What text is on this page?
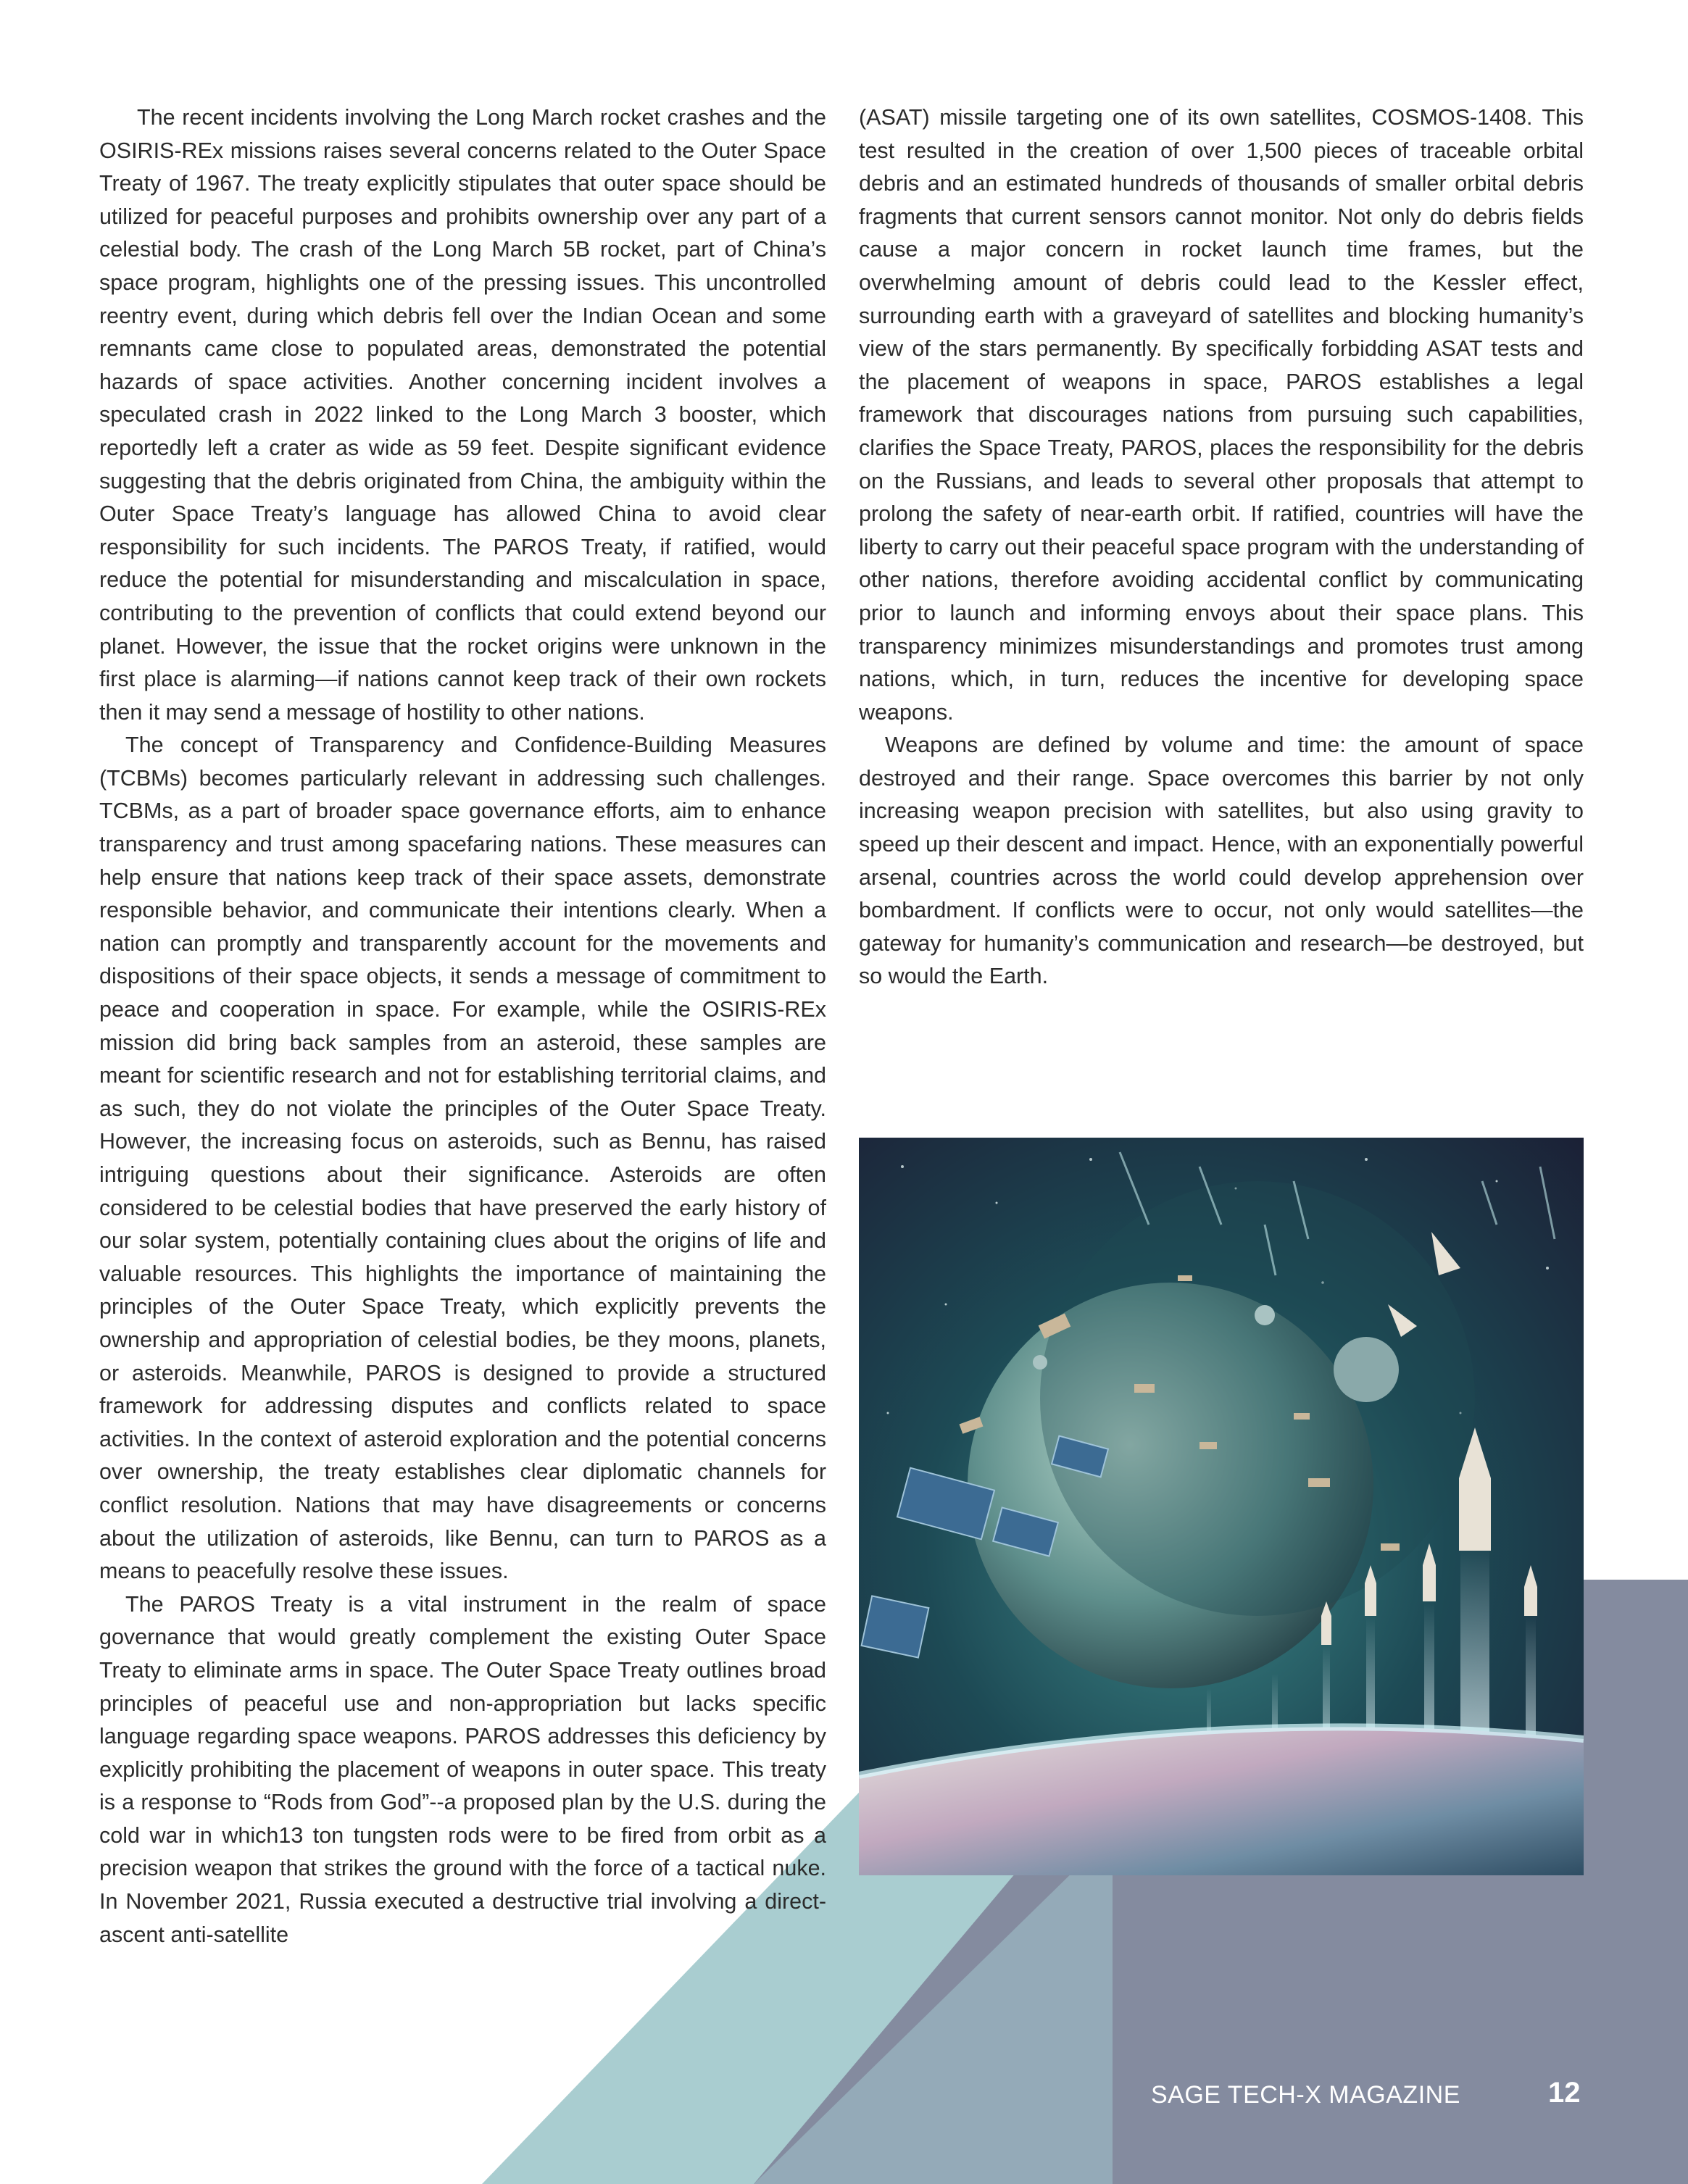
The recent incidents involving the Long March rocket crashes and the OSIRIS-REx missions raises several concerns related to the Outer Space Treaty of 1967. The treaty explicitly stipulates that outer space should be utilized for peaceful purposes and prohibits ownership over any part of a celestial body. The crash of the Long March 5B rocket, part of China’s space program, highlights one of the pressing issues. This uncontrolled reentry event, during which debris fell over the Indian Ocean and some remnants came close to populated areas, demonstrated the potential hazards of space activities. Another concerning incident involves a speculated crash in 2022 linked to the Long March 3 booster, which reportedly left a crater as wide as 59 feet. Despite significant evidence suggesting that the debris originated from China, the ambiguity within the Outer Space Treaty’s language has allowed China to avoid clear responsibility for such incidents. The PAROS Treaty, if ratified, would reduce the potential for misunderstanding and miscalculation in space, contributing to the prevention of conflicts that could extend beyond our planet. However, the issue that the rocket origins were unknown in the first place is alarming—if nations cannot keep track of their own rockets then it may send a message of hostility to other nations.

The concept of Transparency and Confidence-Building Measures (TCBMs) becomes particularly relevant in addressing such challenges. TCBMs, as a part of broader space governance efforts, aim to enhance transparency and trust among spacefaring nations. These measures can help ensure that nations keep track of their space assets, demonstrate responsible behavior, and communicate their intentions clearly. When a nation can promptly and transparently account for the movements and dispositions of their space objects, it sends a message of commitment to peace and cooperation in space. For example, while the OSIRIS-REx mission did bring back samples from an asteroid, these samples are meant for scientific research and not for establishing territorial claims, and as such, they do not violate the principles of the Outer Space Treaty. However, the increasing focus on asteroids, such as Bennu, has raised intriguing questions about their significance. Asteroids are often considered to be celestial bodies that have preserved the early history of our solar system, potentially containing clues about the origins of life and valuable resources. This highlights the importance of maintaining the principles of the Outer Space Treaty, which explicitly prevents the ownership and appropriation of celestial bodies, be they moons, planets, or asteroids. Meanwhile, PAROS is designed to provide a structured framework for addressing disputes and conflicts related to space activities. In the context of asteroid exploration and the potential concerns over ownership, the treaty establishes clear diplomatic channels for conflict resolution. Nations that may have disagreements or concerns about the utilization of asteroids, like Bennu, can turn to PAROS as a means to peacefully resolve these issues.

The PAROS Treaty is a vital instrument in the realm of space governance that would greatly complement the existing Outer Space Treaty to eliminate arms in space. The Outer Space Treaty outlines broad principles of peaceful use and non-appropriation but lacks specific language regarding space weapons. PAROS addresses this deficiency by explicitly prohibiting the placement of weapons in outer space. This treaty is a response to “Rods from God”--a proposed plan by the U.S. during the cold war in which13 ton tungsten rods were to be fired from orbit as a precision weapon that strikes the ground with the force of a tactical nuke. In November 2021, Russia executed a destructive trial involving a direct-ascent anti-satellite

(ASAT) missile targeting one of its own satellites, COSMOS-1408. This test resulted in the creation of over 1,500 pieces of traceable orbital debris and an estimated hundreds of thousands of smaller orbital debris fragments that current sensors cannot monitor. Not only do debris fields cause a major concern in rocket launch time frames, but the overwhelming amount of debris could lead to the Kessler effect, surrounding earth with a graveyard of satellites and blocking humanity’s view of the stars permanently. By specifically forbidding ASAT tests and the placement of weapons in space, PAROS establishes a legal framework that discourages nations from pursuing such capabilities, clarifies the Space Treaty, PAROS, places the responsibility for the debris on the Russians, and leads to several other proposals that attempt to prolong the safety of near-earth orbit. If ratified, countries will have the liberty to carry out their peaceful space program with the understanding of other nations, therefore avoiding accidental conflict by communicating prior to launch and informing envoys about their space plans. This transparency minimizes misunderstandings and promotes trust among nations, which, in turn, reduces the incentive for developing space weapons.

Weapons are defined by volume and time: the amount of space destroyed and their range. Space overcomes this barrier by not only increasing weapon precision with satellites, but also using gravity to speed up their descent and impact. Hence, with an exponentially powerful arsenal, countries across the world could develop apprehension over bombardment. If conflicts were to occur, not only would satellites—the gateway for humanity’s communication and research—be destroyed, but so would the Earth.

SAGE TECH-X MAGAZINE	12
